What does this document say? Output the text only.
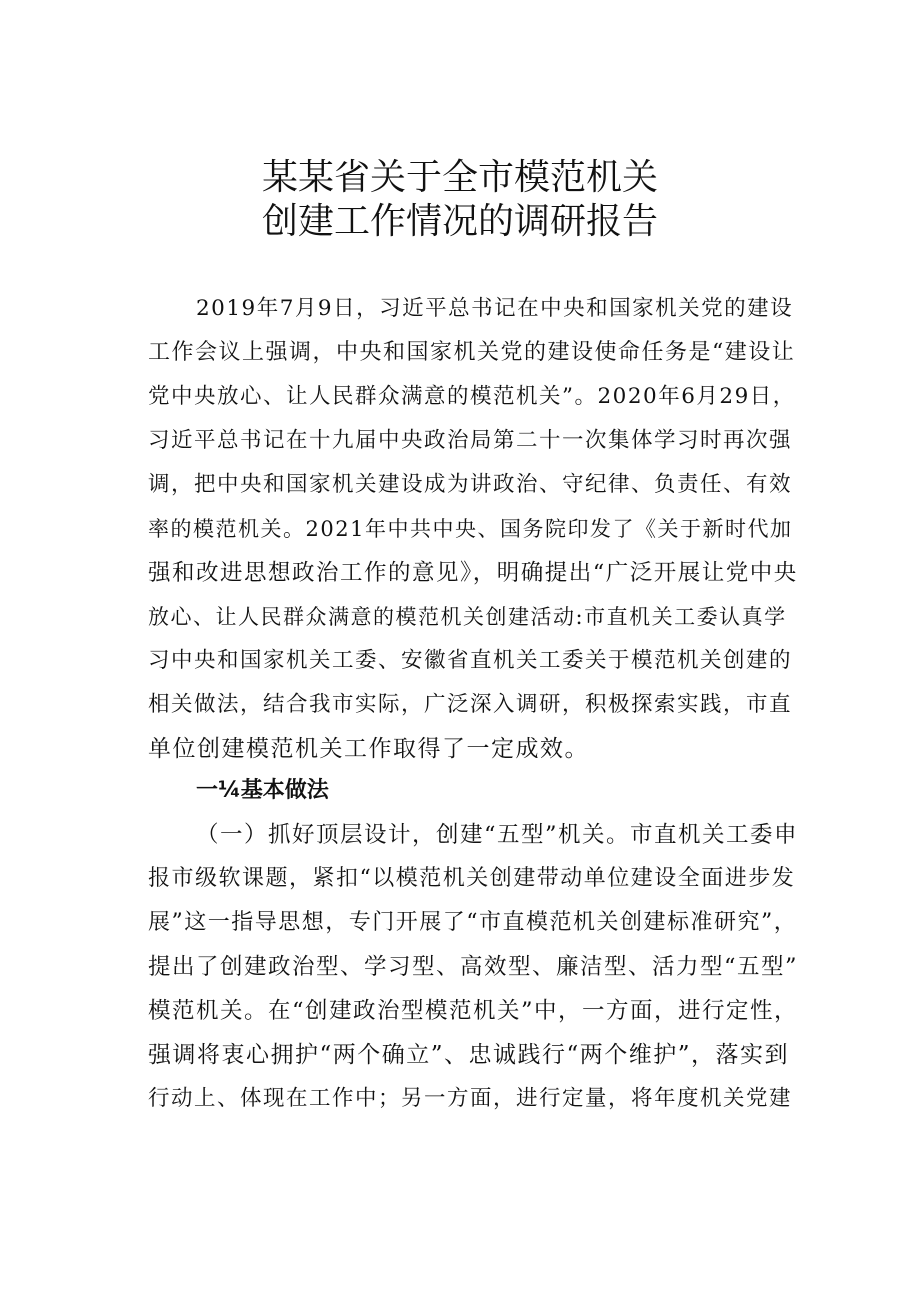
某某省关于全市模范机关
创建工作情况的调研报告
2019年7月9日，习近平总书记在中央和国家机关党的建设
工作会议上强调，中央和国家机关党的建设使命任务是“建设让
党中央放心、让人民群众满意的模范机关”。2020年6月29日，
习近平总书记在十九届中央政治局第二十一次集体学习时再次强
调，把中央和国家机关建设成为讲政治、守纪律、负责任、有效
率的模范机关。2021年中共中央、国务院印发了《关于新时代加
强和改进思想政治工作的意见》，明确提出“广泛开展让党中央
放心、让人民群众满意的模范机关创建活动:市直机关工委认真学
习中央和国家机关工委、安徽省直机关工委关于模范机关创建的
相关做法，结合我市实际，广泛深入调研，积极探索实践，市直
单位创建模范机关工作取得了一定成效。
一¼基本做法
（一）抓好顶层设计，创建“五型”机关。市直机关工委申
报市级软课题，紧扣“以模范机关创建带动单位建设全面进步发
展”这一指导思想，专门开展了“市直模范机关创建标准研究”，
提出了创建政治型、学习型、高效型、廉洁型、活力型“五型”
模范机关。在“创建政治型模范机关”中，一方面，进行定性，
强调将衷心拥护“两个确立”、忠诚践行“两个维护”，落实到
行动上、体现在工作中；另一方面，进行定量，将年度机关党建
